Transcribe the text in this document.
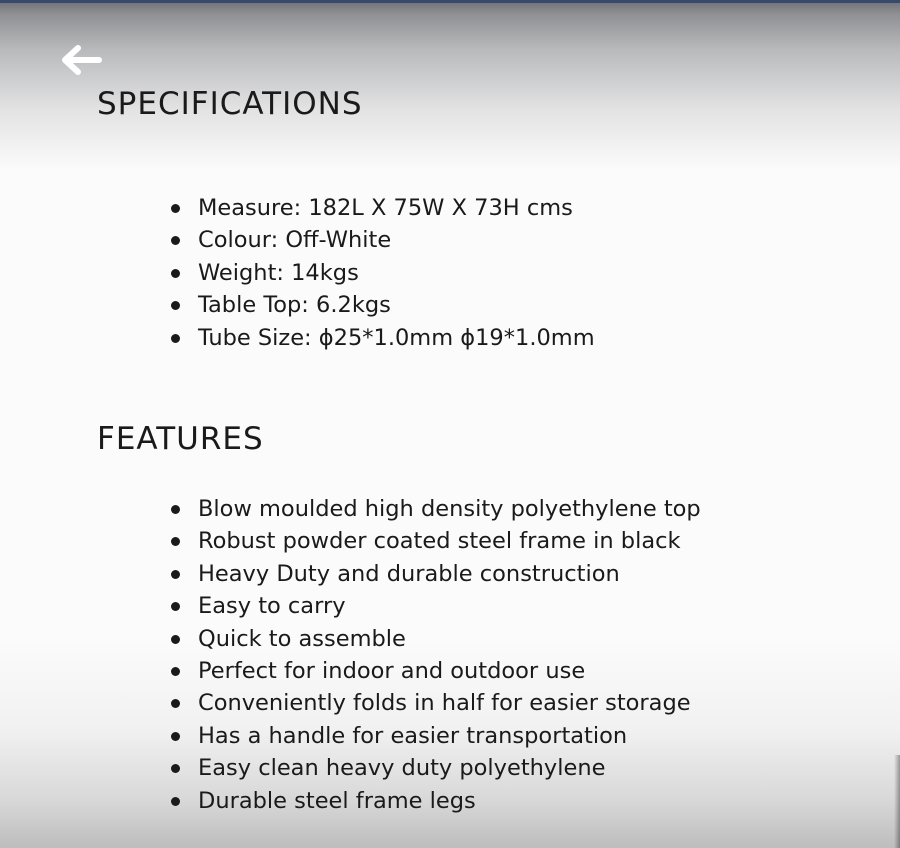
SPECIFICATIONS
Measure: 182L X 75W X 73H cms
Colour: Off-White
Weight: 14kgs
Table Top: 6.2kgs
Tube Size: ɸ25*1.0mm ɸ19*1.0mm
FEATURES
Blow moulded high density polyethylene top
Robust powder coated steel frame in black
Heavy Duty and durable construction
Easy to carry
Quick to assemble
Perfect for indoor and outdoor use
Conveniently folds in half for easier storage
Has a handle for easier transportation
Easy clean heavy duty polyethylene
Durable steel frame legs
